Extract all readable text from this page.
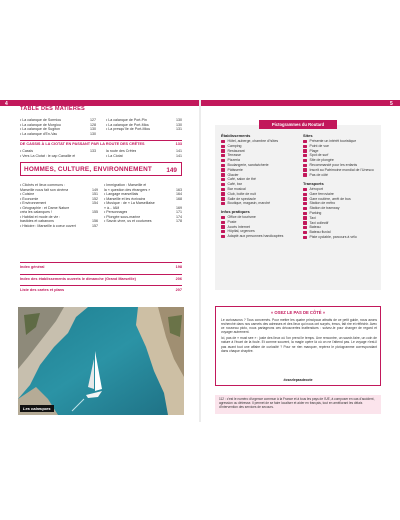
4
TABLE DES MATIÈRES
• La calanque de Sormiou	127
• La calanque de Morgiou	128
• La calanque de Sugiton	130
• La calanque d'En-Vau	130
• La calanque de Port-Pin	130
• La calanque de Port-Miou	130
• La presqu'île de Port-Miou	131
DE CASSIS À LA CIOTAT EN PASSANT PAR LA ROUTE DES CRÊTES	133
• Cassis	133
• Vers La Ciotat : le cap Canaille et
la route des Crêtes	141
• La Ciotat	141
HOMMES, CULTURE, ENVIRONNEMENT 149
• Clichés et lieux communs :
Marseille nous fait son cinéma	149
• Cuisine	151
• Économie	152
• Environnement	154
• Géographie : et Dame Nature
créa les calanques !	155
• Habitat et mode de vie :
bastides et cabanons	156
• Histoire : Marseille à coeur ouvert	157
• Immigration : Marseille et
la « question des étrangers »	163
• Langage marseillais	164
• Marseille et les écrivains	168
• Musique : de « La Marseillaise
» à... IAM	169
• Personnages	171
• Plongée sous-marine	174
• Savoir-vivre, us et coutumes	178
Index général	198
Index des établissements ouverts le dimanche (Grand Marseille)	206
Liste des cartes et plans	207
Les calanques
5
Pictogrammes du Routard
Établissements
Hôtel, auberge, chambre d'hôtes
Camping
Restaurant
Terrasse
Pizzeria
Boulangerie, sandwicherie
Pâtisserie
Glacier
Café, salon de thé
Café, bar
Bar musical
Club, boîte de nuit
Salle de spectacle
Boutique, magasin, marché
Infos pratiques
Office de tourisme
Poste
Accès Internet
Hôpital, urgences
Adapté aux personnes handicapées
Sites
Présente un intérêt touristique
Point de vue
Plage
Spot de surf
Site de plongée
Recommandé pour les enfants
Inscrit au Patrimoine mondial de l'Unesco
Pas de côté
Transports
Aéroport
Gare ferroviaire
Gare routière, arrêt de bus
Station de métro
Station de tramway
Parking
Taxi
Taxi collectif
Bateau
Bateau fluvial
Piste cyclable, parcours à vélo
« OSEZ LE PAS DE CÔTÉ »

Le curiosaurus ? Tous concernés. Pour mettre les quatre principaux attraits de ce petit guide, nous avons recherché dans nos carnets des adresses et des lieux qui nous ont surpris, émus, fait rire et réfléchir. Avec ce nouveau picto, nous partageons ces découvertes inattendues : suivez-le pour changer de regard et voyager autrement.

Ici, pas de « must see » : juste des lieux où l'on prend le temps. Une rencontre, un savoir-faire, un coin de nature à l'écart de la foule. Et comme souvent, la magie opère là où on ne l'attend pas. Le voyage n'est-il pas avant tout une affaire de curiosité ? Pour ne rien manquer, repérez le pictogramme correspondant dans chaque chapitre.

#osezlepasdecote
112 : c'est le numéro d'urgence commun à la France et à tous les pays de l'UE, à composer en cas d'accident, agression ou détresse. Il permet de se faire localiser et aider en français, tout en améliorant les délais d'intervention des services de secours.
